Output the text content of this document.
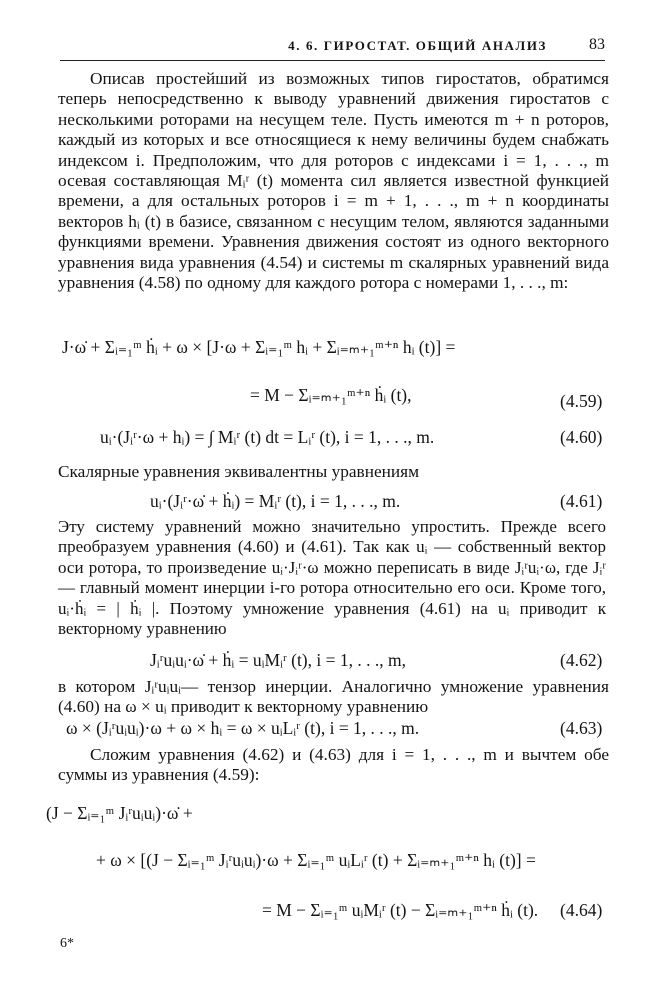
4. 6. ГИРОСТАТ. ОБЩИЙ АНАЛИЗ	83

Описав простейший из возможных типов гиростатов, обратимся теперь непосредственно к выводу уравнений движения гиростатов с несколькими роторами на несущем теле. Пусть имеются m + n роторов, каждый из которых и все относящиеся к нему величины будем снабжать индексом i. Предположим, что для роторов с индексами i = 1, . . ., m осевая составляющая Mᵢʳ (t) момента сил является известной функцией времени, а для остальных роторов i = m + 1, . . ., m + n координаты векторов hᵢ (t) в базисе, связанном с несущим телом, являются заданными функциями времени. Уравнения движения состоят из одного векторного уравнения вида уравнения (4.54) и системы m скалярных уравнений вида уравнения (4.58) по одному для каждого ротора с номерами 1, . . ., m:

J·ω̇ + Σᵢ₌₁ᵐ ḣᵢ + ω × [J·ω + Σᵢ₌₁ᵐ hᵢ + Σᵢ₌ₘ₊₁ᵐ⁺ⁿ hᵢ (t)] =
= M − Σᵢ₌ₘ₊₁ᵐ⁺ⁿ ḣᵢ (t),	(4.59)
uᵢ·(Jᵢʳ·ω + hᵢ) = ∫ Mᵢʳ (t) dt = Lᵢʳ (t), i = 1, . . ., m.	(4.60)

Скалярные уравнения эквивалентны уравнениям

uᵢ·(Jᵢʳ·ω̇ + ḣᵢ) = Mᵢʳ (t), i = 1, . . ., m.	(4.61)

Эту систему уравнений можно значительно упростить. Прежде всего преобразуем уравнения (4.60) и (4.61). Так как uᵢ — собственный вектор оси ротора, то произведение uᵢ·Jᵢʳ·ω можно переписать в виде Jᵢʳuᵢ·ω, где Jᵢʳ — главный момент инерции i-го ротора относительно его оси. Кроме того, uᵢ·ḣᵢ = | ḣᵢ |. Поэтому умножение уравнения (4.61) на uᵢ приводит к векторному уравнению

Jᵢʳuᵢuᵢ·ω̇ + ḣᵢ = uᵢMᵢʳ (t), i = 1, . . ., m,	(4.62)

в котором Jᵢʳuᵢuᵢ— тензор инерции. Аналогично умножение уравнения (4.60) на ω × uᵢ приводит к векторному уравнению

ω × (Jᵢʳuᵢuᵢ)·ω + ω × hᵢ = ω × uᵢLᵢʳ (t), i = 1, . . ., m.	(4.63)

Сложим уравнения (4.62) и (4.63) для i = 1, . . ., m и вычтем обе суммы из уравнения (4.59):

(J − Σᵢ₌₁ᵐ Jᵢʳuᵢuᵢ)·ω̇ +
+ ω × [(J − Σᵢ₌₁ᵐ Jᵢʳuᵢuᵢ)·ω + Σᵢ₌₁ᵐ uᵢLᵢʳ (t) + Σᵢ₌ₘ₊₁ᵐ⁺ⁿ hᵢ (t)] =
= M − Σᵢ₌₁ᵐ uᵢMᵢʳ (t) − Σᵢ₌ₘ₊₁ᵐ⁺ⁿ ḣᵢ (t). (4.64)
6*
